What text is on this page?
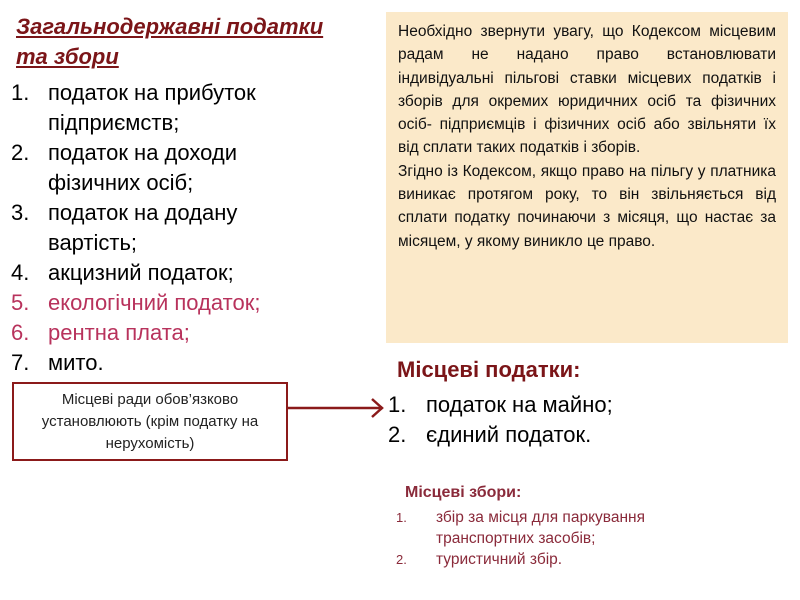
Загальнодержавні податки
та збори
1. податок на прибуток
підприємств;
2. податок на доходи
фізичних осіб;
3. податок на додану
вартість;
4. акцизний податок;
5. екологічний податок;
6. рентна плата;
7. мито.

Необхідно звернути увагу, що Кодексом місцевим радам не надано право встановлювати індивідуальні пільгові ставки місцевих податків і зборів для окремих юридичних осіб та фізичних осіб- підприємців і фізичних осіб або звільняти їх від сплати таких податків і зборів.

Згідно із Кодексом, якщо право на пільгу у платника виникає протягом року, то він звільняється від сплати податку починаючи з місяця, що настає за місяцем, у якому виникло це право.

Місцеві ради обов’язково установлюють (крім податку на нерухомість)
Місцеві податки:
1. податок на майно;
2. єдиний податок.
Місцеві збори:
1. збір за місця для паркування
транспортних засобів;
2. туристичний збір.
